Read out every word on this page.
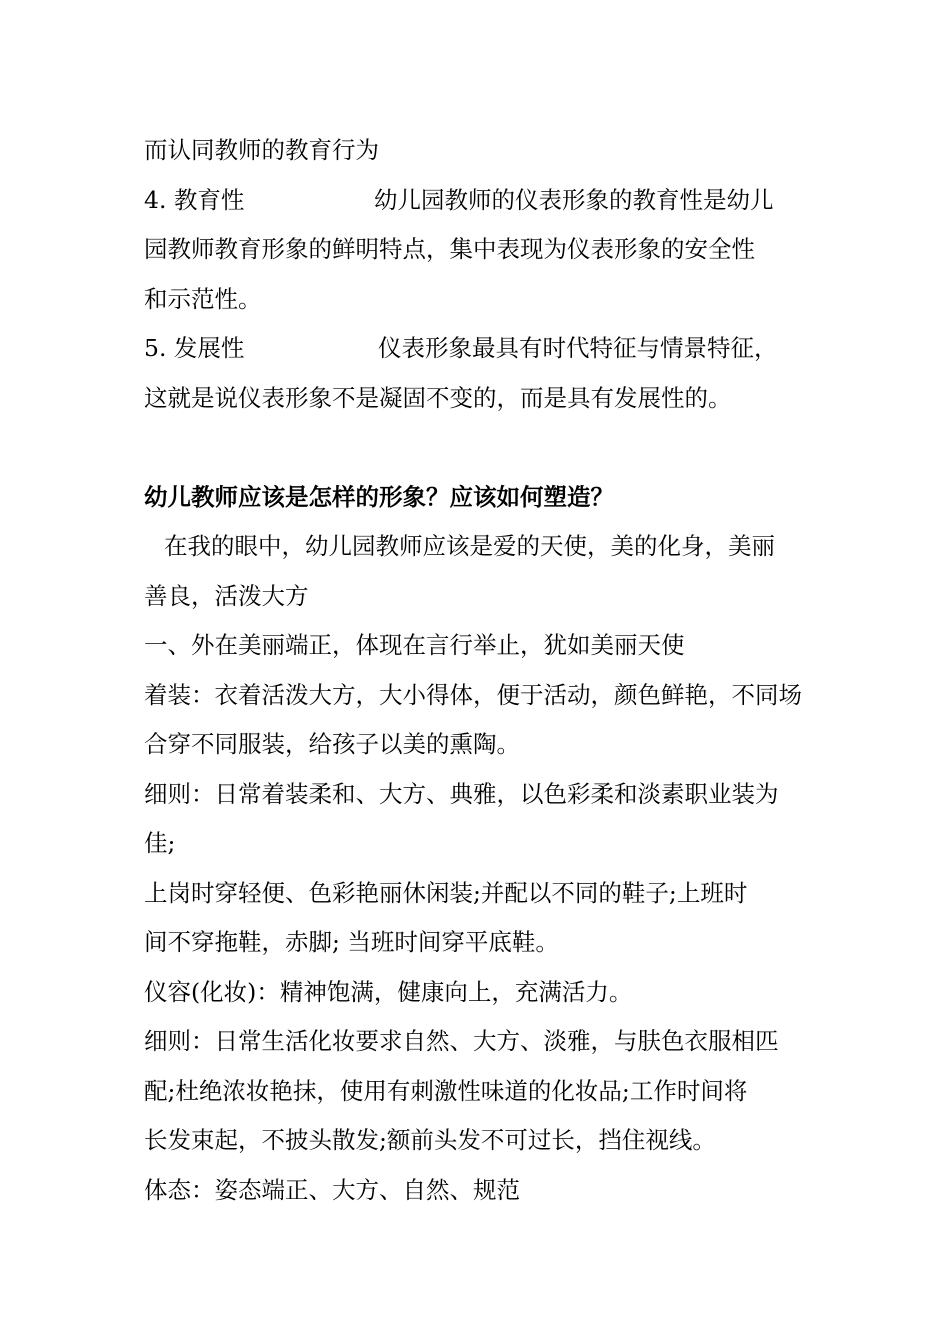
而认同教师的教育行为
4. 教育性	幼儿园教师的仪表形象的教育性是幼儿
园教师教育形象的鲜明特点，集中表现为仪表形象的安全性
和示范性。
5. 发展性	仪表形象最具有时代特征与情景特征，
这就是说仪表形象不是凝固不变的，而是具有发展性的。
幼儿教师应该是怎样的形象？应该如何塑造？
在我的眼中，幼儿园教师应该是爱的天使，美的化身，美丽
善良，活泼大方
一、外在美丽端正，体现在言行举止，犹如美丽天使
着装：衣着活泼大方，大小得体，便于活动，颜色鲜艳，不同场
合穿不同服装，给孩子以美的熏陶。
细则：日常着装柔和、大方、典雅，以色彩柔和淡素职业装为
佳;
上岗时穿轻便、色彩艳丽休闲装;并配以不同的鞋子;上班时
间不穿拖鞋，赤脚; 当班时间穿平底鞋。
仪容(化妆)：精神饱满，健康向上，充满活力。
细则：日常生活化妆要求自然、大方、淡雅，与肤色衣服相匹
配;杜绝浓妆艳抹，使用有刺激性味道的化妆品;工作时间将
长发束起，不披头散发;额前头发不可过长，挡住视线。
体态：姿态端正、大方、自然、规范
